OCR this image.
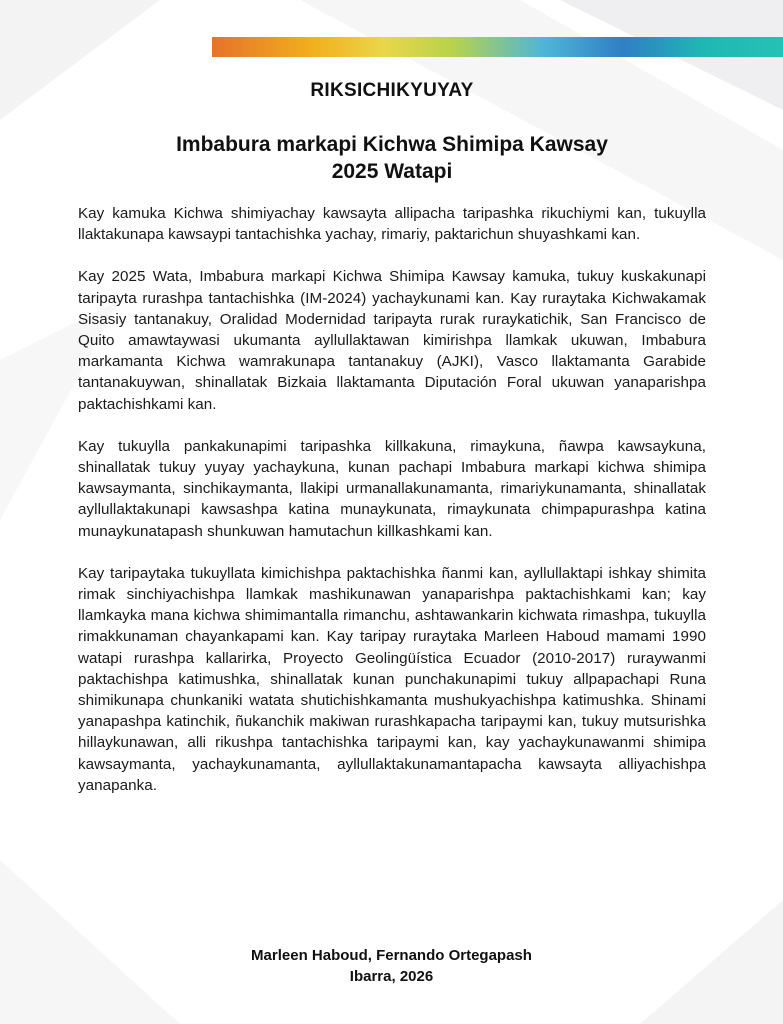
RIKSICHIKYUYAY
Imbabura markapi Kichwa Shimipa Kawsay
2025 Watapi

Kay kamuka Kichwa shimiyachay kawsayta allipacha taripashka rikuchiymi kan, tukuylla llaktakunapa kawsaypi tantachishka yachay, rimariy, paktarichun shuyashkami kan.

Kay 2025 Wata, Imbabura markapi Kichwa Shimipa Kawsay kamuka, tukuy kuskakunapi taripayta rurashpa tantachishka (IM-2024) yachaykunami kan. Kay ruraytaka Kichwakamak Sisasiy tantanakuy, Oralidad Modernidad taripayta rurak ruraykatichik, San Francisco de Quito amawtaywasi ukumanta ayllullaktawan kimirishpa llamkak ukuwan, Imbabura markamanta Kichwa wamrakunapa tantanakuy (AJKI), Vasco llaktamanta Garabide tantanakuywan, shinallatak Bizkaia llaktamanta Diputación Foral ukuwan yanaparishpa paktachishkami kan.

Kay tukuylla pankakunapimi taripashka killkakuna, rimaykuna, ñawpa kawsaykuna, shinallatak tukuy yuyay yachaykuna, kunan pachapi Imbabura markapi kichwa shimipa kawsaymanta, sinchikaymanta, llakipi urmanallakunamanta, rimariykunamanta, shinallatak ayllullaktakunapi kawsashpa katina munaykunata, rimaykunata chimpapurashpa katina munaykunatapash shunkuwan hamutachun killkashkami kan.

Kay taripaytaka tukuyllata kimichishpa paktachishka ñanmi kan, ayllullaktapi ishkay shimita rimak sinchiyachishpa llamkak mashikunawan yanaparishpa paktachishkami kan; kay llamkayka mana kichwa shimimantalla rimanchu, ashtawankarin kichwata rimashpa, tukuylla rimakkunaman chayankapami kan. Kay taripay ruraytaka Marleen Haboud mamami 1990 watapi rurashpa kallarirka, Proyecto Geolingüística Ecuador (2010-2017) ruraywanmi paktachishpa katimushka, shinallatak kunan punchakunapimi tukuy allpapachapi Runa shimikunapa chunkaniki watata shutichishkamanta mushukyachishpa katimushka. Shinami yanapashpa katinchik, ñukanchik makiwan rurashkapacha taripaymi kan, tukuy mutsurishka hillaykunawan, alli rikushpa tantachishka taripaymi kan, kay yachaykunawanmi shimipa kawsaymanta, yachaykunamanta, ayllullaktakunamantapacha kawsayta alliyachishpa yanapanka.

Marleen Haboud, Fernando Ortegapash
Ibarra, 2026
